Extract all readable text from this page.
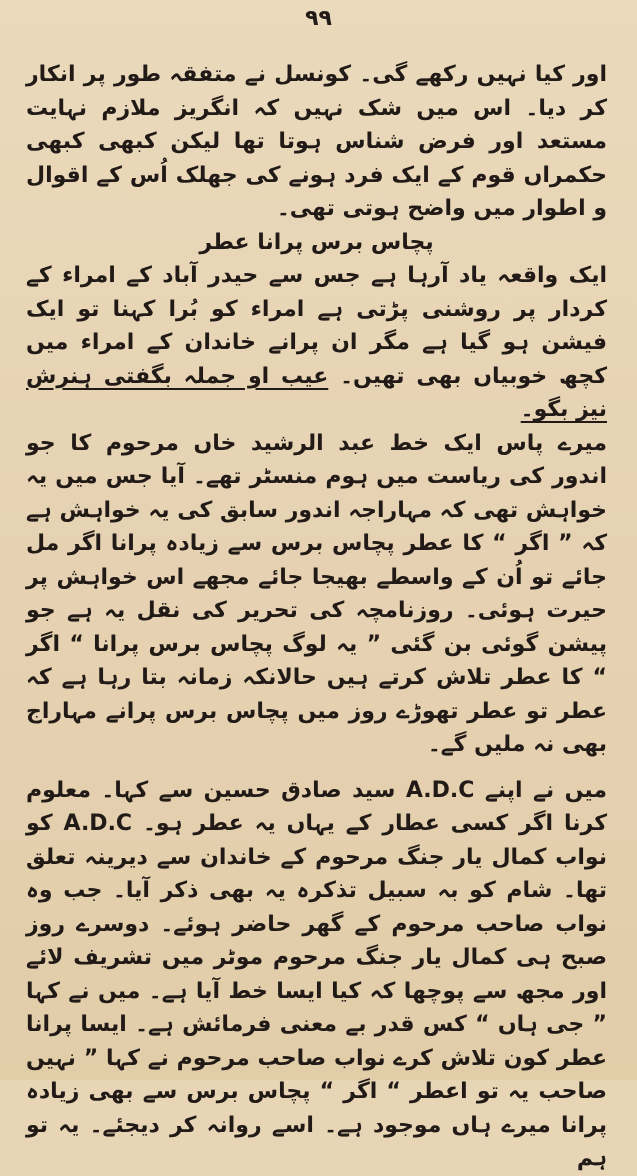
۹۹

اور کیا نہیں رکھے گی۔ کونسل نے متفقہ طور پر انکار کر دیا۔ اس میں شک نہیں کہ انگریز ملازم نہایت مستعد اور فرض شناس ہوتا تھا لیکن کبھی کبھی حکمراں قوم کے ایک فرد ہونے کی جھلک اُس کے اقوال و اطوار میں واضح ہوتی تھی۔

پچاس برس پرانا عطر

ایک واقعہ یاد آرہا ہے جس سے حیدر آباد کے امراء کے کردار پر روشنی پڑتی ہے امراء کو بُرا کہنا تو ایک فیشن ہو گیا ہے مگر ان پرانے خاندان کے امراء میں کچھ خوبیاں بھی تھیں۔ عیب او جملہ بگفتی ہنرش نیز بگو۔

میرے پاس ایک خط عبد الرشید خاں مرحوم کا جو اندور کی ریاست میں ہوم منسٹر تھے۔ آیا جس میں یہ خواہش تھی کہ مہاراجہ اندور سابق کی یہ خواہش ہے کہ ” اگر “ کا عطر پچاس برس سے زیادہ پرانا اگر مل جائے تو اُن کے واسطے بھیجا جائے مجھے اس خواہش پر حیرت ہوئی۔ روزنامچہ کی تحریر کی نقل یہ ہے جو پیشن گوئی بن گئی ” یہ لوگ پچاس برس پرانا “ اگر “ کا عطر تلاش کرتے ہیں حالانکہ زمانہ بتا رہا ہے کہ عطر تو عطر تھوڑے روز میں پچاس برس پرانے مہاراج بھی نہ ملیں گے۔

میں نے اپنے A.D.C سید صادق حسین سے کہا۔ معلوم کرنا اگر کسی عطار کے یہاں یہ عطر ہو۔ A.D.C کو نواب کمال یار جنگ مرحوم کے خاندان سے دیرینہ تعلق تھا۔ شام کو بہ سبیل تذکرہ یہ بھی ذکر آیا۔ جب وہ نواب صاحب مرحوم کے گھر حاضر ہوئے۔ دوسرے روز صبح ہی کمال یار جنگ مرحوم موٹر میں تشریف لائے اور مجھ سے پوچھا کہ کیا ایسا خط آیا ہے۔ میں نے کہا ” جی ہاں “ کس قدر بے معنی فرمائش ہے۔ ایسا پرانا عطر کون تلاش کرے نواب صاحب مرحوم نے کہا ” نہیں صاحب یہ تو اعطر “ اگر “ پچاس برس سے بھی زیادہ پرانا میرے ہاں موجود ہے۔ اسے روانہ کر دیجئے۔ یہ تو ہم
